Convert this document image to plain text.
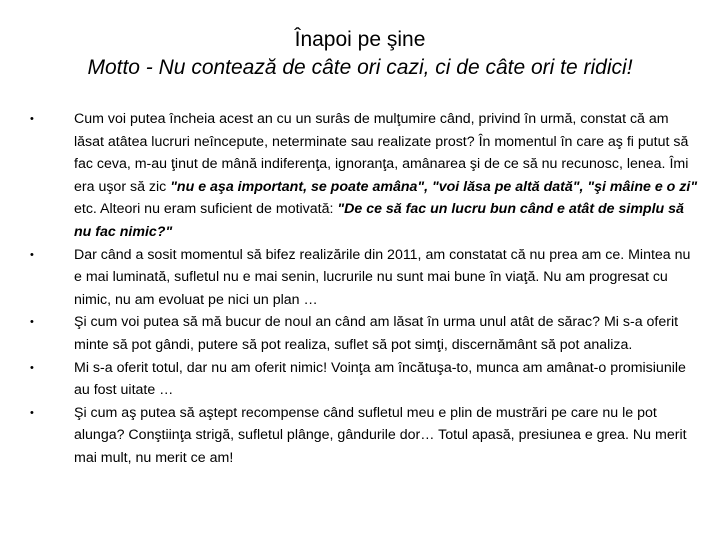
Înapoi pe şine
Motto - Nu contează de câte ori cazi, ci de câte ori te ridici!
•	Cum voi putea încheia acest an cu un surâs de mulţumire când, privind în urmă, constat că am lăsat atâtea lucruri neîncepute, neterminate sau realizate prost? În momentul în care aş fi putut să fac ceva, m-au ţinut de mână indiferenţa, ignoranţa, amânarea şi de ce să nu recunosc, lenea. Îmi era uşor să zic "nu e aşa important, se poate amâna", "voi lăsa pe altă dată", "şi mâine e o zi" etc. Alteori nu eram suficient de motivată: "De ce să fac un lucru bun când e atât de simplu să nu fac nimic?"
•	Dar când a sosit momentul să bifez realizările din 2011, am constatat că nu prea am ce. Mintea nu e mai luminată, sufletul nu e mai senin, lucrurile nu sunt mai bune în viaţă. Nu am progresat cu nimic, nu am evoluat pe nici un plan …
•	Şi cum voi putea să mă bucur de noul an când am lăsat în urma unul atât de sărac? Mi s-a oferit minte să pot gândi, putere să pot realiza, suflet să pot simţi, discernământ să pot analiza.
•	Mi s-a oferit totul, dar nu am oferit nimic! Voinţa am încătuşa-to, munca am amânat-o promisiunile au fost uitate …
•	Şi cum aş putea să aştept recompense când sufletul meu e plin de mustrări pe care nu le pot alunga? Conştiinţa strigă, sufletul plânge, gândurile dor… Totul apasă, presiunea e grea. Nu merit mai mult, nu merit ce am!
